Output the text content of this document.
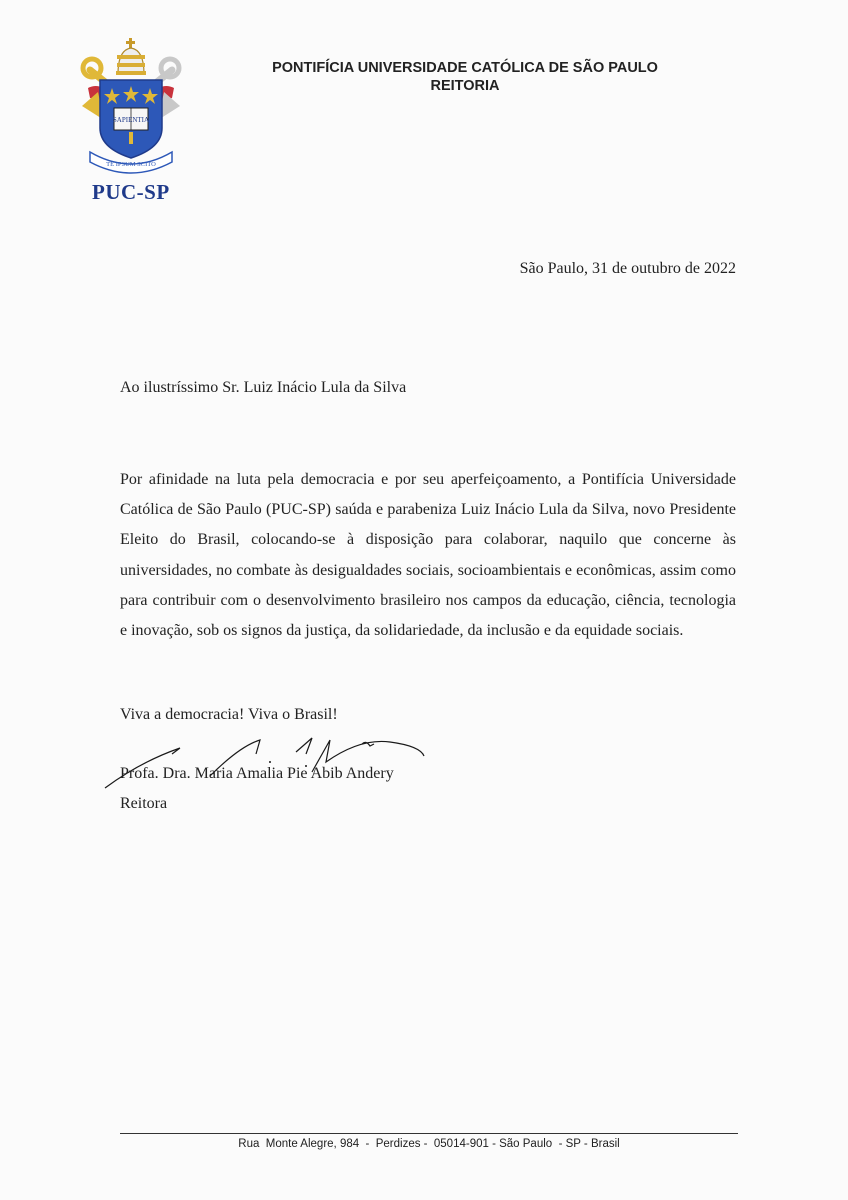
SAPIENTIA
TE IPSUM SCITO
PUC-SP
PONTIFÍCIA UNIVERSIDADE CATÓLICA DE SÃO PAULO
REITORIA
São Paulo, 31 de outubro de 2022
Ao ilustríssimo Sr. Luiz Inácio Lula da Silva
Por afinidade na luta pela democracia e por seu aperfeiçoamento, a Pontifícia Universidade Católica de São Paulo (PUC-SP) saúda e parabeniza Luiz Inácio Lula da Silva, novo Presidente Eleito do Brasil, colocando-se à disposição para colaborar, naquilo que concerne às universidades, no combate às desigualdades sociais, socioambientais e econômicas, assim como para contribuir com o desenvolvimento brasileiro nos campos da educação, ciência, tecnologia e inovação, sob os signos da justiça, da solidariedade, da inclusão e da equidade sociais.
Viva a democracia! Viva o Brasil!
Profa. Dra. Maria Amalia Pie Abib Andery
Reitora
Rua  Monte Alegre, 984  -  Perdizes -  05014-901 - São Paulo  - SP - Brasil
